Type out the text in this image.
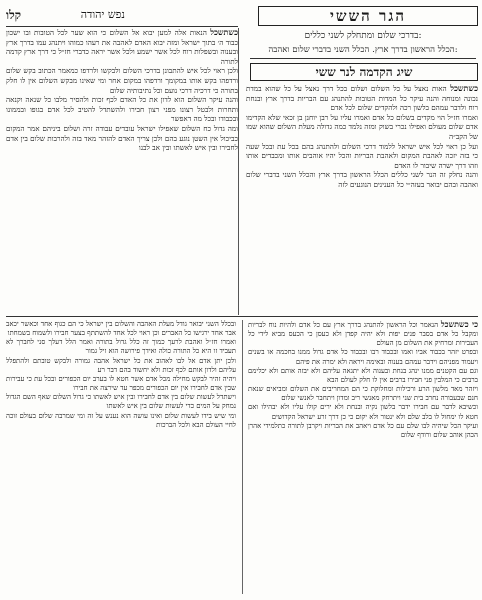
קלו	נפש יהודה	הגר הששי
בדרכי שלום ומתחלק לשני כללים:
הכלל הראשון בדרך ארץ. הכלל השני בדברי שלום ואהבה:
שיג הקדמה לנר ששי

כשתשכל הנאות אלה למען יבוא אל השלום כי הוא שער לכל הטובות ובו ישכון כבוד ה׳ בתוך ישראל ומזה יבוא האדם לאהבה את רעהו כמוהו ויתנהג עמו בדרך ארץ ובענוה ובשפלות רוח לכל אשר ישמע ולכל אשר יראה כדברי חז״ל כי דרך ארץ קדמה לתורה

ולכן ראוי לכל איש להתבונן בדרכי השלום ולבקשו ולרדפו כמאמר הכתוב בקש שלום ורדפהו בקש אותו במקומך ורדפהו במקום אחר ומי שאינו מבקש השלום אין לו חלק בתורה כי דרכיה דרכי נועם וכל נתיבותיה שלום

והנה עיקר השלום הוא לדון את כל האדם לכף זכות ולהסיר מלבו כל שנאה וקנאה ותחרות ולבטל רצונו מפני רצון חבירו ולהשתדל להטיב לכל אדם בגופו ובממונו ובכבודו ובכל מה דאפשר

ומה גדול כח השלום שאפילו ישראל עובדים עבודה זרה ושלום ביניהם אמר המקום כביכול אין השטן נוגע בהם ולכן צריך האדם להזהר מאד בזה ולהרבות שלום בין אדם לחבירו ובין איש לאשתו ובין אב לבנו

כשתשכל האות נאצל על כל השלום ושלום בכל דרך נאצל על כל שהוא במדת נכונה ומנוחה והנה עיקר כל המדות הטובות להתנהג עם הבריות בדרך ארץ ובנחת רוח ולדבר עמהם בלשון רכה ולהקדים שלום לכל אדם

ואמרו חז״ל הוי מקדים בשלום כל אדם ואמרו עליו על רבן יוחנן בן זכאי שלא הקדימו אדם שלום מעולם ואפילו נכרי בשוק ומזה נלמד כמה גדולה מעלת השלום שהוא שמו של הקב״ה

ועל כן ראוי לכל איש ישראל ללמוד דרכי השלום ולהתנהג בהם בכל עת ובכל שעה כי בזה יזכה לאהבת המקום ולאהבת הבריות והכל יהיו אוהבים אותו ומכבדים אותו וזהו דרך ישרה שיבור לו האדם

והנה נחלק זה הנר לשני כללים הכלל הראשון בדרך ארץ והכלל השני בדברי שלום ואהבה ובהם יבואר בעזה״י כל הענינים הנוגעים לזה

כי כשתשכל הנאמר וכל הראשון להתנהג בדרך ארץ עם כל אדם ולהיות נוח לבריות ומקבל כל אדם בסבר פנים יפות ולא יהיה קפדן ולא כעסן כי הכעס מביא לידי כל העבירות ומרחיק את השלום מן העולם

ובפרט יזהר בכבוד אביו ואמו ובכבוד רבו ובכבוד כל אדם גדול ממנו בחכמה או בשנים ויעמוד מפניהם וידבר עמהם בענוה ובאימה ויראה ולא ימרה את פיהם

וגם עם הקטנים ממנו ינהג בנחת ובענוה ולא יתגאה עליהם ולא יבזה אותם ולא יכלימם ברבים כי המלבין פני חבירו ברבים אין לו חלק לעולם הבא

ויזהר מאד מלשון הרע ורכילות ומחלוקת כי הם המחריבים את השלום ומביאים שנאת חנם שבעבורה נחרב בית שני ויתרחק מאנשי ריב ומדון ויתחבר לאנשי שלום

וכשיבא לדבר עם חבירו ידבר בלשון נקיה ובנחת ולא ירים קולו עליו ולא יבהילו ואם חטא לו ימחול לו בלב שלם ולא ינטור ולא יקום כי כן דרך זרע ישראל הקדושים

ועיקר הכל שיהיה לבו שלם עם כל אדם ויאהב את הבריות ויקרבן לתורה כתלמידי אהרן הכהן אוהב שלום ורודף שלום

ובכלל השני יבואר גודל מעלת האהבה והשלום בין ישראל כי הם כגוף אחד וכאשר יכאב אבר אחד ירגישו כל האברים וכן ראוי לכל אחד להשתתף בצער חבירו ולשמוח בשמחתו

ואמרו חז״ל ואהבת לרעך כמוך זה כלל גדול בתורה ואמר הלל דעלך סני לחברך לא תעביד זו היא כל התורה כולה ואידך פירושה הוא זיל גמור

ולכן יתן אדם אל לבו לאהוב את כל ישראל אהבה גמורה ולבקש טובתם ולהתפלל עליהם ולדון אותם לכף זכות ולא יחשוד בהם דבר רע

ויהיה זהיר לבקש מחילה מכל אדם אשר חטא לו בערב יום הכפורים ובכל עת כי עבירות שבין אדם לחבירו אין יום הכפורים מכפר עד שירצה את חבירו

וישתדל לעשות שלום בין אדם לחבירו ובין איש לאשתו כי גדול השלום שאף השם הגדול נמחק על המים כדי לעשות שלום בין איש לאשתו

ומי שיש בידו לעשות שלום ואינו עושה הוא נענש על זה ומי שמרבה שלום בעולם זוכה לחיי העולם הבא ולכל הברכות
